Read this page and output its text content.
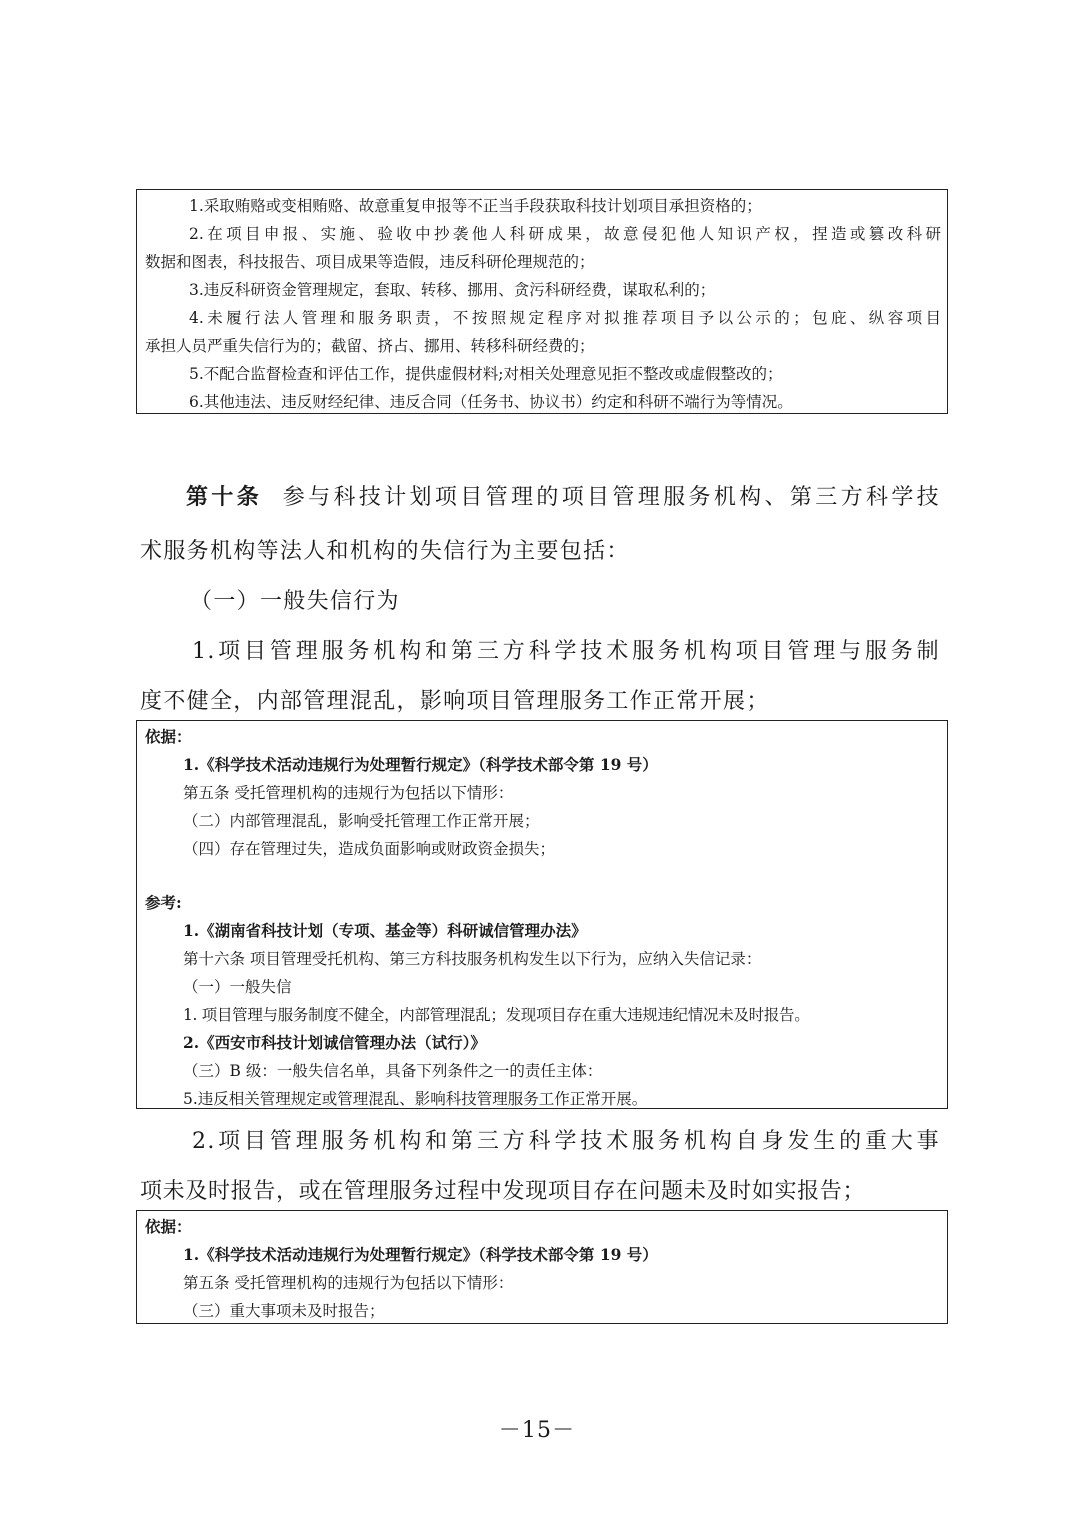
1.采取贿赂或变相贿赂、故意重复申报等不正当手段获取科技计划项目承担资格的；
2.在项目申报、实施、验收中抄袭他人科研成果，故意侵犯他人知识产权，捏造或篡改科研
数据和图表，科技报告、项目成果等造假，违反科研伦理规范的；
3.违反科研资金管理规定，套取、转移、挪用、贪污科研经费，谋取私利的；
4.未履行法人管理和服务职责，不按照规定程序对拟推荐项目予以公示的；包庇、纵容项目
承担人员严重失信行为的；截留、挤占、挪用、转移科研经费的；
5.不配合监督检查和评估工作，提供虚假材料;对相关处理意见拒不整改或虚假整改的；
6.其他违法、违反财经纪律、违反合同（任务书、协议书）约定和科研不端行为等情况。
第十条 参与科技计划项目管理的项目管理服务机构、第三方科学技
术服务机构等法人和机构的失信行为主要包括：
（一）一般失信行为
1.项目管理服务机构和第三方科学技术服务机构项目管理与服务制
度不健全，内部管理混乱，影响项目管理服务工作正常开展；
依据：
1.《科学技术活动违规行为处理暂行规定》（科学技术部令第 19 号）
第五条 受托管理机构的违规行为包括以下情形：
（二）内部管理混乱，影响受托管理工作正常开展；
（四）存在管理过失，造成负面影响或财政资金损失；
参考:
1.《湖南省科技计划（专项、基金等）科研诚信管理办法》
第十六条 项目管理受托机构、第三方科技服务机构发生以下行为，应纳入失信记录：
（一）一般失信
1. 项目管理与服务制度不健全，内部管理混乱；发现项目存在重大违规违纪情况未及时报告。
2.《西安市科技计划诚信管理办法（试行）》
（三）B 级：一般失信名单，具备下列条件之一的责任主体：
5.违反相关管理规定或管理混乱、影响科技管理服务工作正常开展。
2.项目管理服务机构和第三方科学技术服务机构自身发生的重大事
项未及时报告，或在管理服务过程中发现项目存在问题未及时如实报告；
依据：
1.《科学技术活动违规行为处理暂行规定》（科学技术部令第 19 号）
第五条 受托管理机构的违规行为包括以下情形：
（三）重大事项未及时报告；
－15－
